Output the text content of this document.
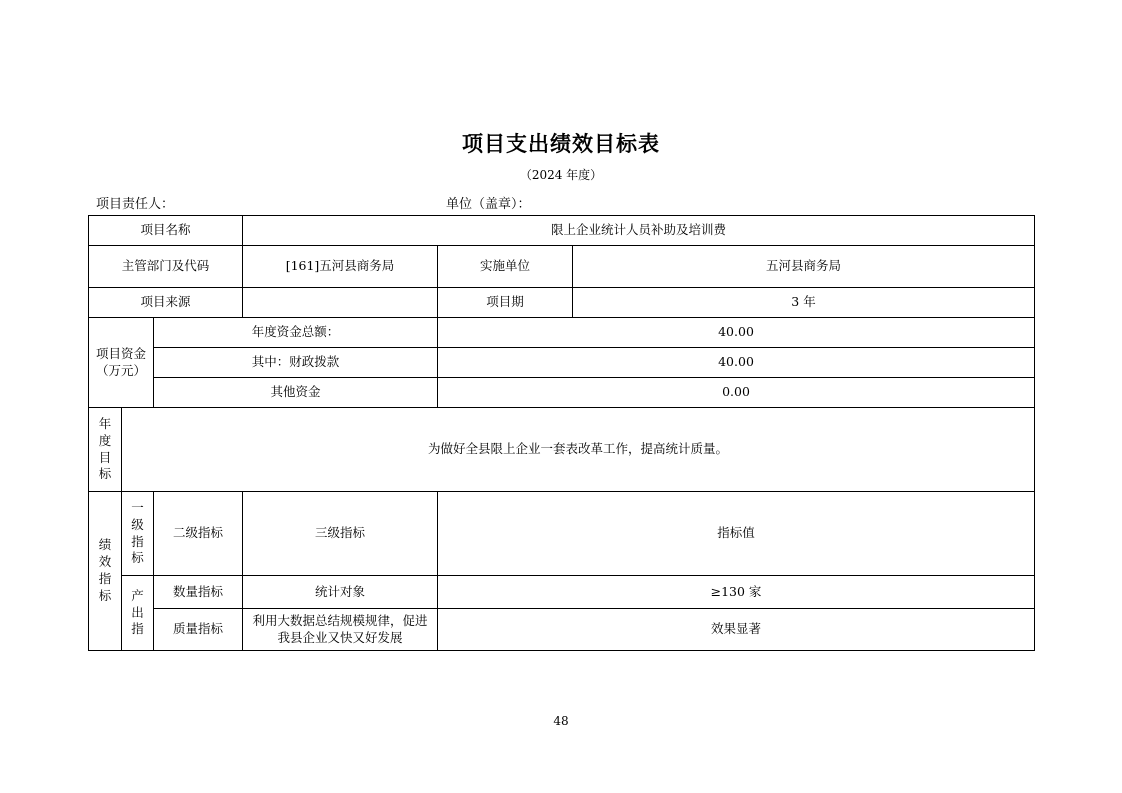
项目支出绩效目标表
（2024 年度）
项目责任人：	单位（盖章）：
项目名称			限上企业统计人员补助及培训费		
主管部门及代码			[161]五河县商务局	实施单位	五河县商务局
项目来源				项目期	3 年

项目资金
（万元）		年度资金总额：		40.00	
		其中：财政拨款		40.00	
		其他资金		0.00	
年度目标	为做好全县限上企业一套表改革工作，提高统计质量。				
绩效指标	一级指标	二级指标	三级指标	指标值	
	产出指	数量指标	统计对象	≥130 家	
		质量指标	利用大数据总结规模规律，促进我县企业又快又好发展	效果显著	
48
